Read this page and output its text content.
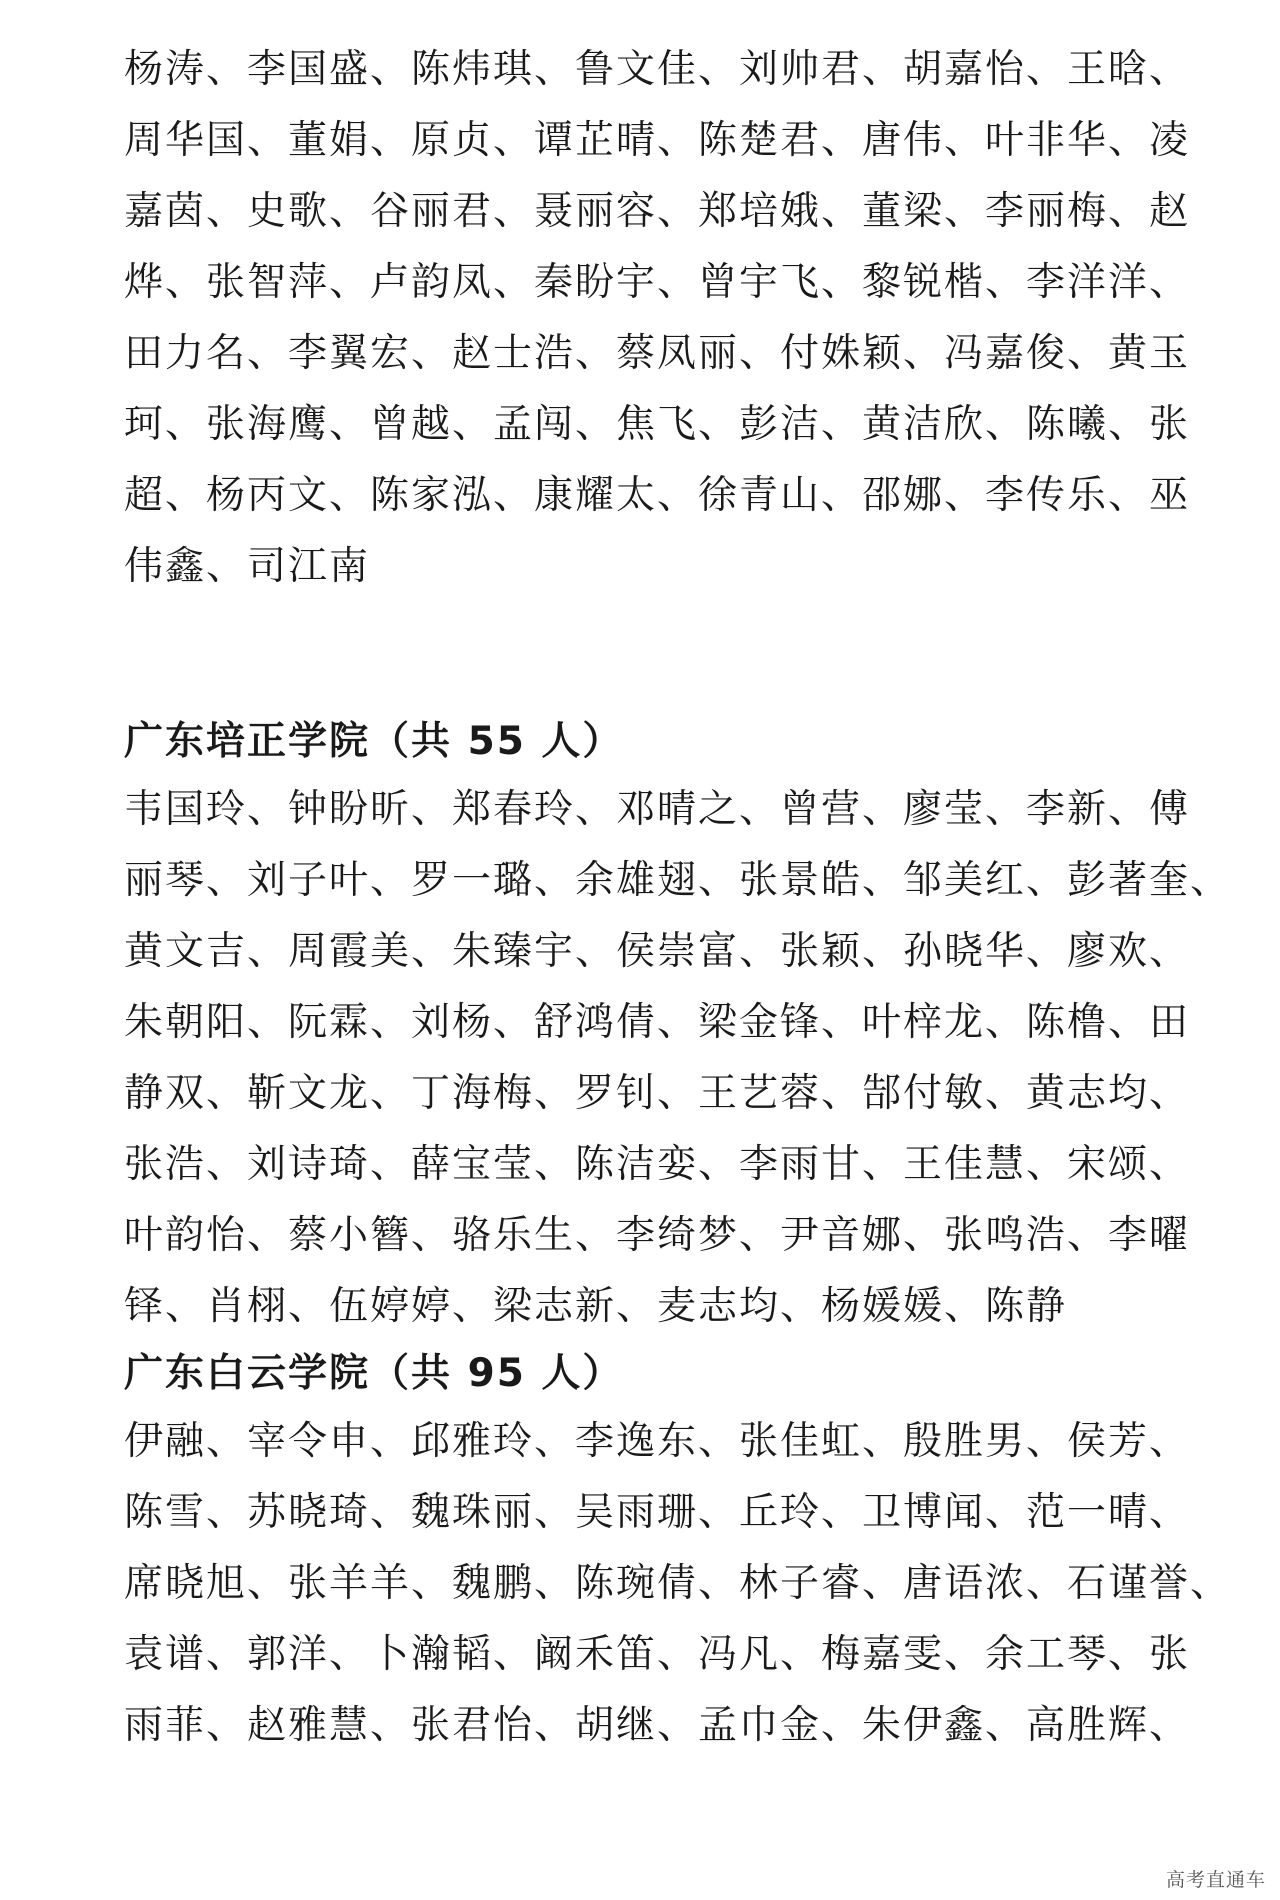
杨涛、李国盛、陈炜琪、鲁文佳、刘帅君、胡嘉怡、王晗、
周华国、董娟、原贞、谭芷晴、陈楚君、唐伟、叶非华、凌
嘉茵、史歌、谷丽君、聂丽容、郑培娥、董梁、李丽梅、赵
烨、张智萍、卢韵凤、秦盼宇、曾宇飞、黎锐楷、李洋洋、
田力名、李翼宏、赵士浩、蔡凤丽、付姝颖、冯嘉俊、黄玉
珂、张海鹰、曾越、孟闯、焦飞、彭洁、黄洁欣、陈曦、张
超、杨丙文、陈家泓、康耀太、徐青山、邵娜、李传乐、巫
伟鑫、司江南
广东培正学院（共 55 人）
韦国玲、钟盼昕、郑春玲、邓晴之、曾营、廖莹、李新、傅
丽琴、刘子叶、罗一璐、余雄翅、张景皓、邹美红、彭著奎、
黄文吉、周霞美、朱臻宇、侯崇富、张颖、孙晓华、廖欢、
朱朝阳、阮霖、刘杨、舒鸿倩、梁金锋、叶梓龙、陈橹、田
静双、靳文龙、丁海梅、罗钊、王艺蓉、郜付敏、黄志均、
张浩、刘诗琦、薛宝莹、陈洁娈、李雨甘、王佳慧、宋颂、
叶韵怡、蔡小簪、骆乐生、李绮梦、尹音娜、张鸣浩、李曜
铎、肖栩、伍婷婷、梁志新、麦志均、杨媛媛、陈静
广东白云学院（共 95 人）
伊融、宰令申、邱雅玲、李逸东、张佳虹、殷胜男、侯芳、
陈雪、苏晓琦、魏珠丽、吴雨珊、丘玲、卫博闻、范一晴、
席晓旭、张羊羊、魏鹏、陈琬倩、林子睿、唐语浓、石谨誉、
袁谱、郭洋、卜瀚韬、阚禾笛、冯凡、梅嘉雯、余工琴、张
雨菲、赵雅慧、张君怡、胡继、孟巾金、朱伊鑫、高胜辉、
高考直通车
